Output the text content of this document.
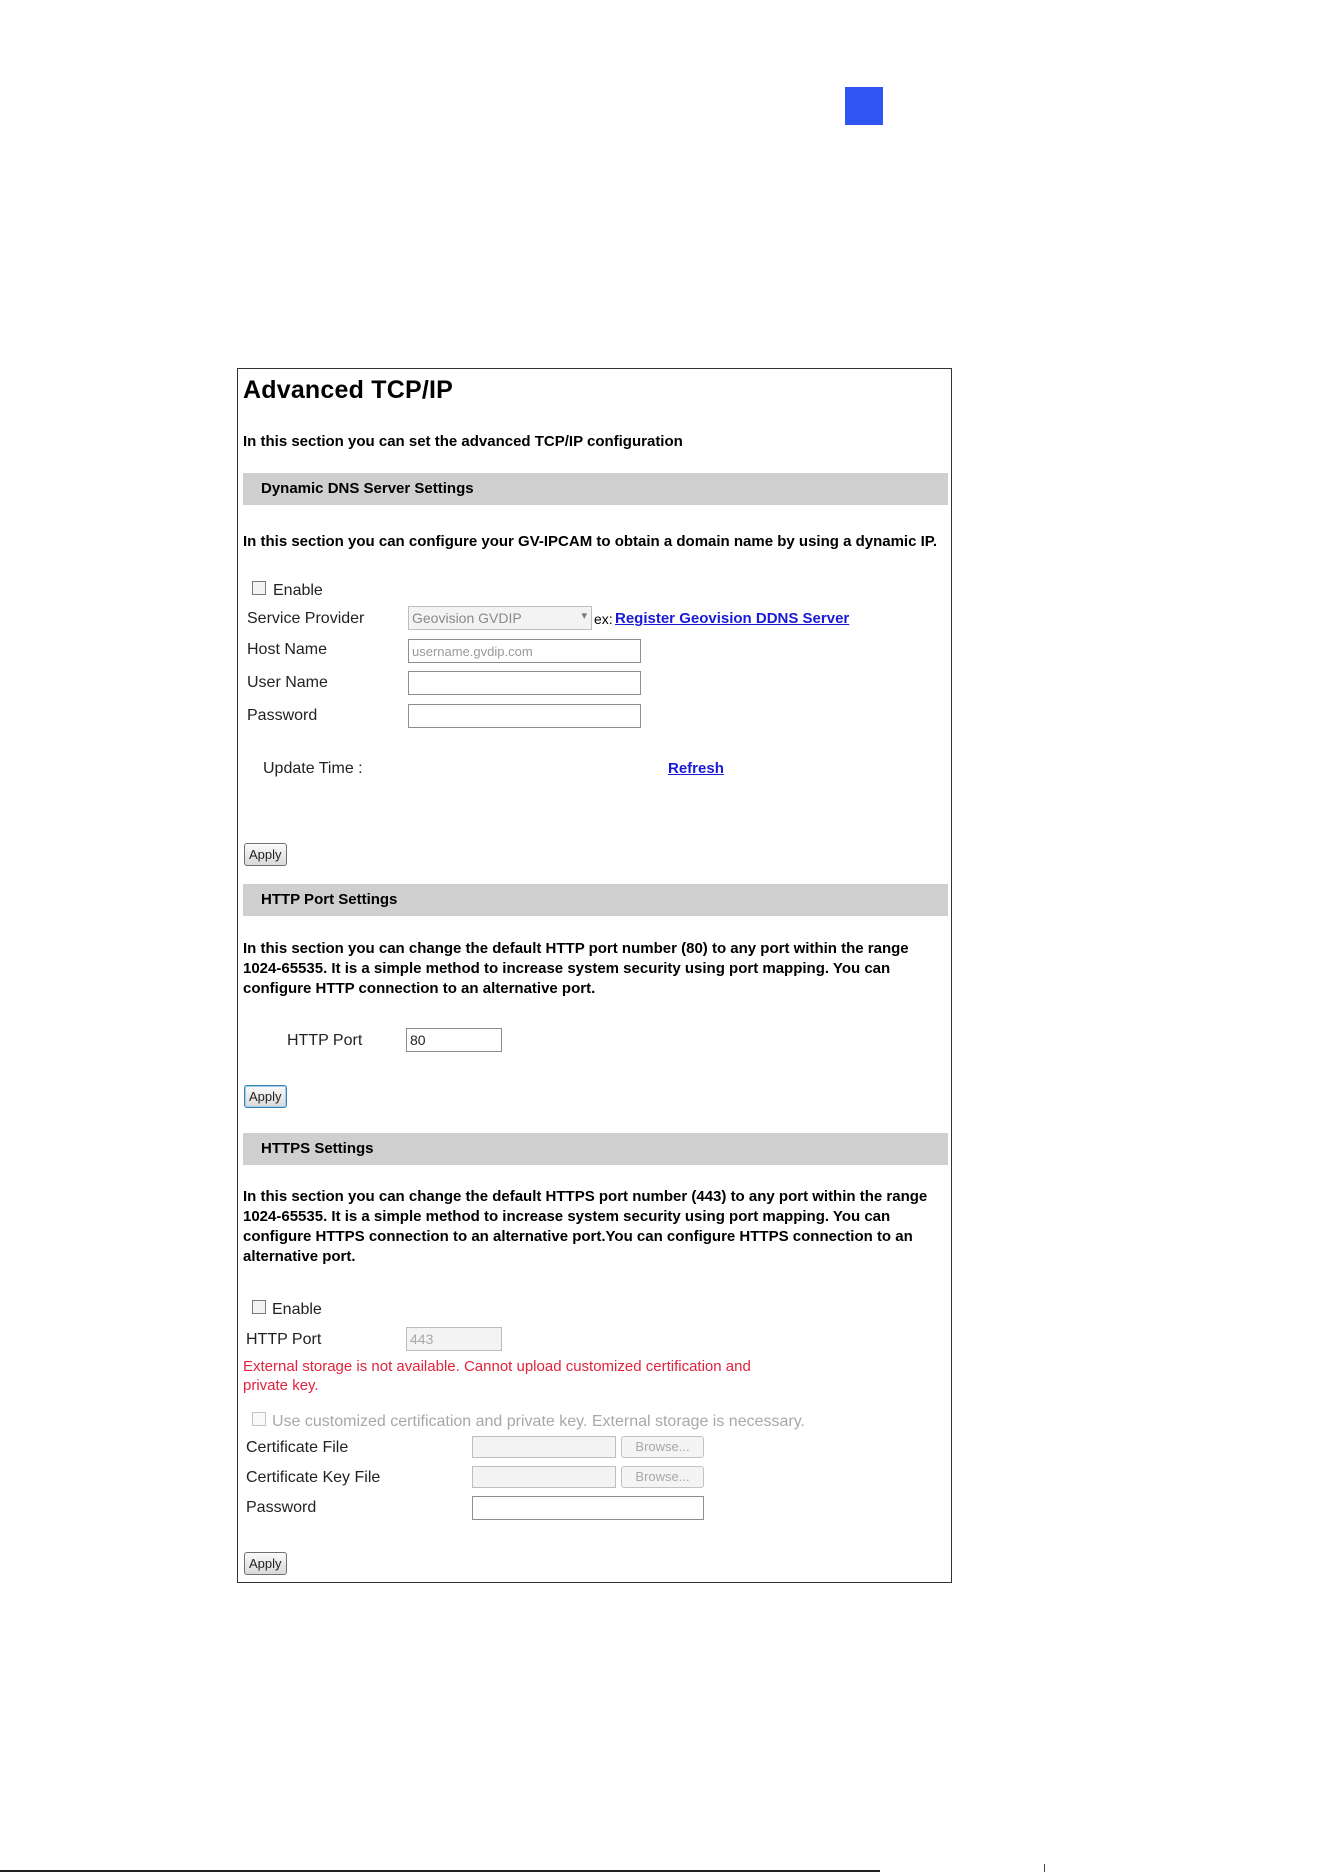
Advanced TCP/IP
In this section you can set the advanced TCP/IP configuration
Dynamic DNS Server Settings
In this section you can configure your GV-IPCAM to obtain a domain name by using a dynamic IP.
Enable
Service Provider	Geovision GVDIP	▾ ex: Register Geovision DDNS Server
Host Name	username.gvdip.com
User Name
Password
Update Time :	Refresh
Apply
HTTP Port Settings
In this section you can change the default HTTP port number (80) to any port within the range 1024-65535. It is a simple method to increase system security using port mapping. You can configure HTTP connection to an alternative port.
HTTP Port	80
Apply
HTTPS Settings
In this section you can change the default HTTPS port number (443) to any port within the range 1024-65535. It is a simple method to increase system security using port mapping. You can configure HTTPS connection to an alternative port.You can configure HTTPS connection to an alternative port.
Enable
HTTP Port	443
External storage is not available. Cannot upload customized certification and private key.
Use customized certification and private key. External storage is necessary.
Certificate File	Browse...
Certificate Key File	Browse...
Password
Apply
